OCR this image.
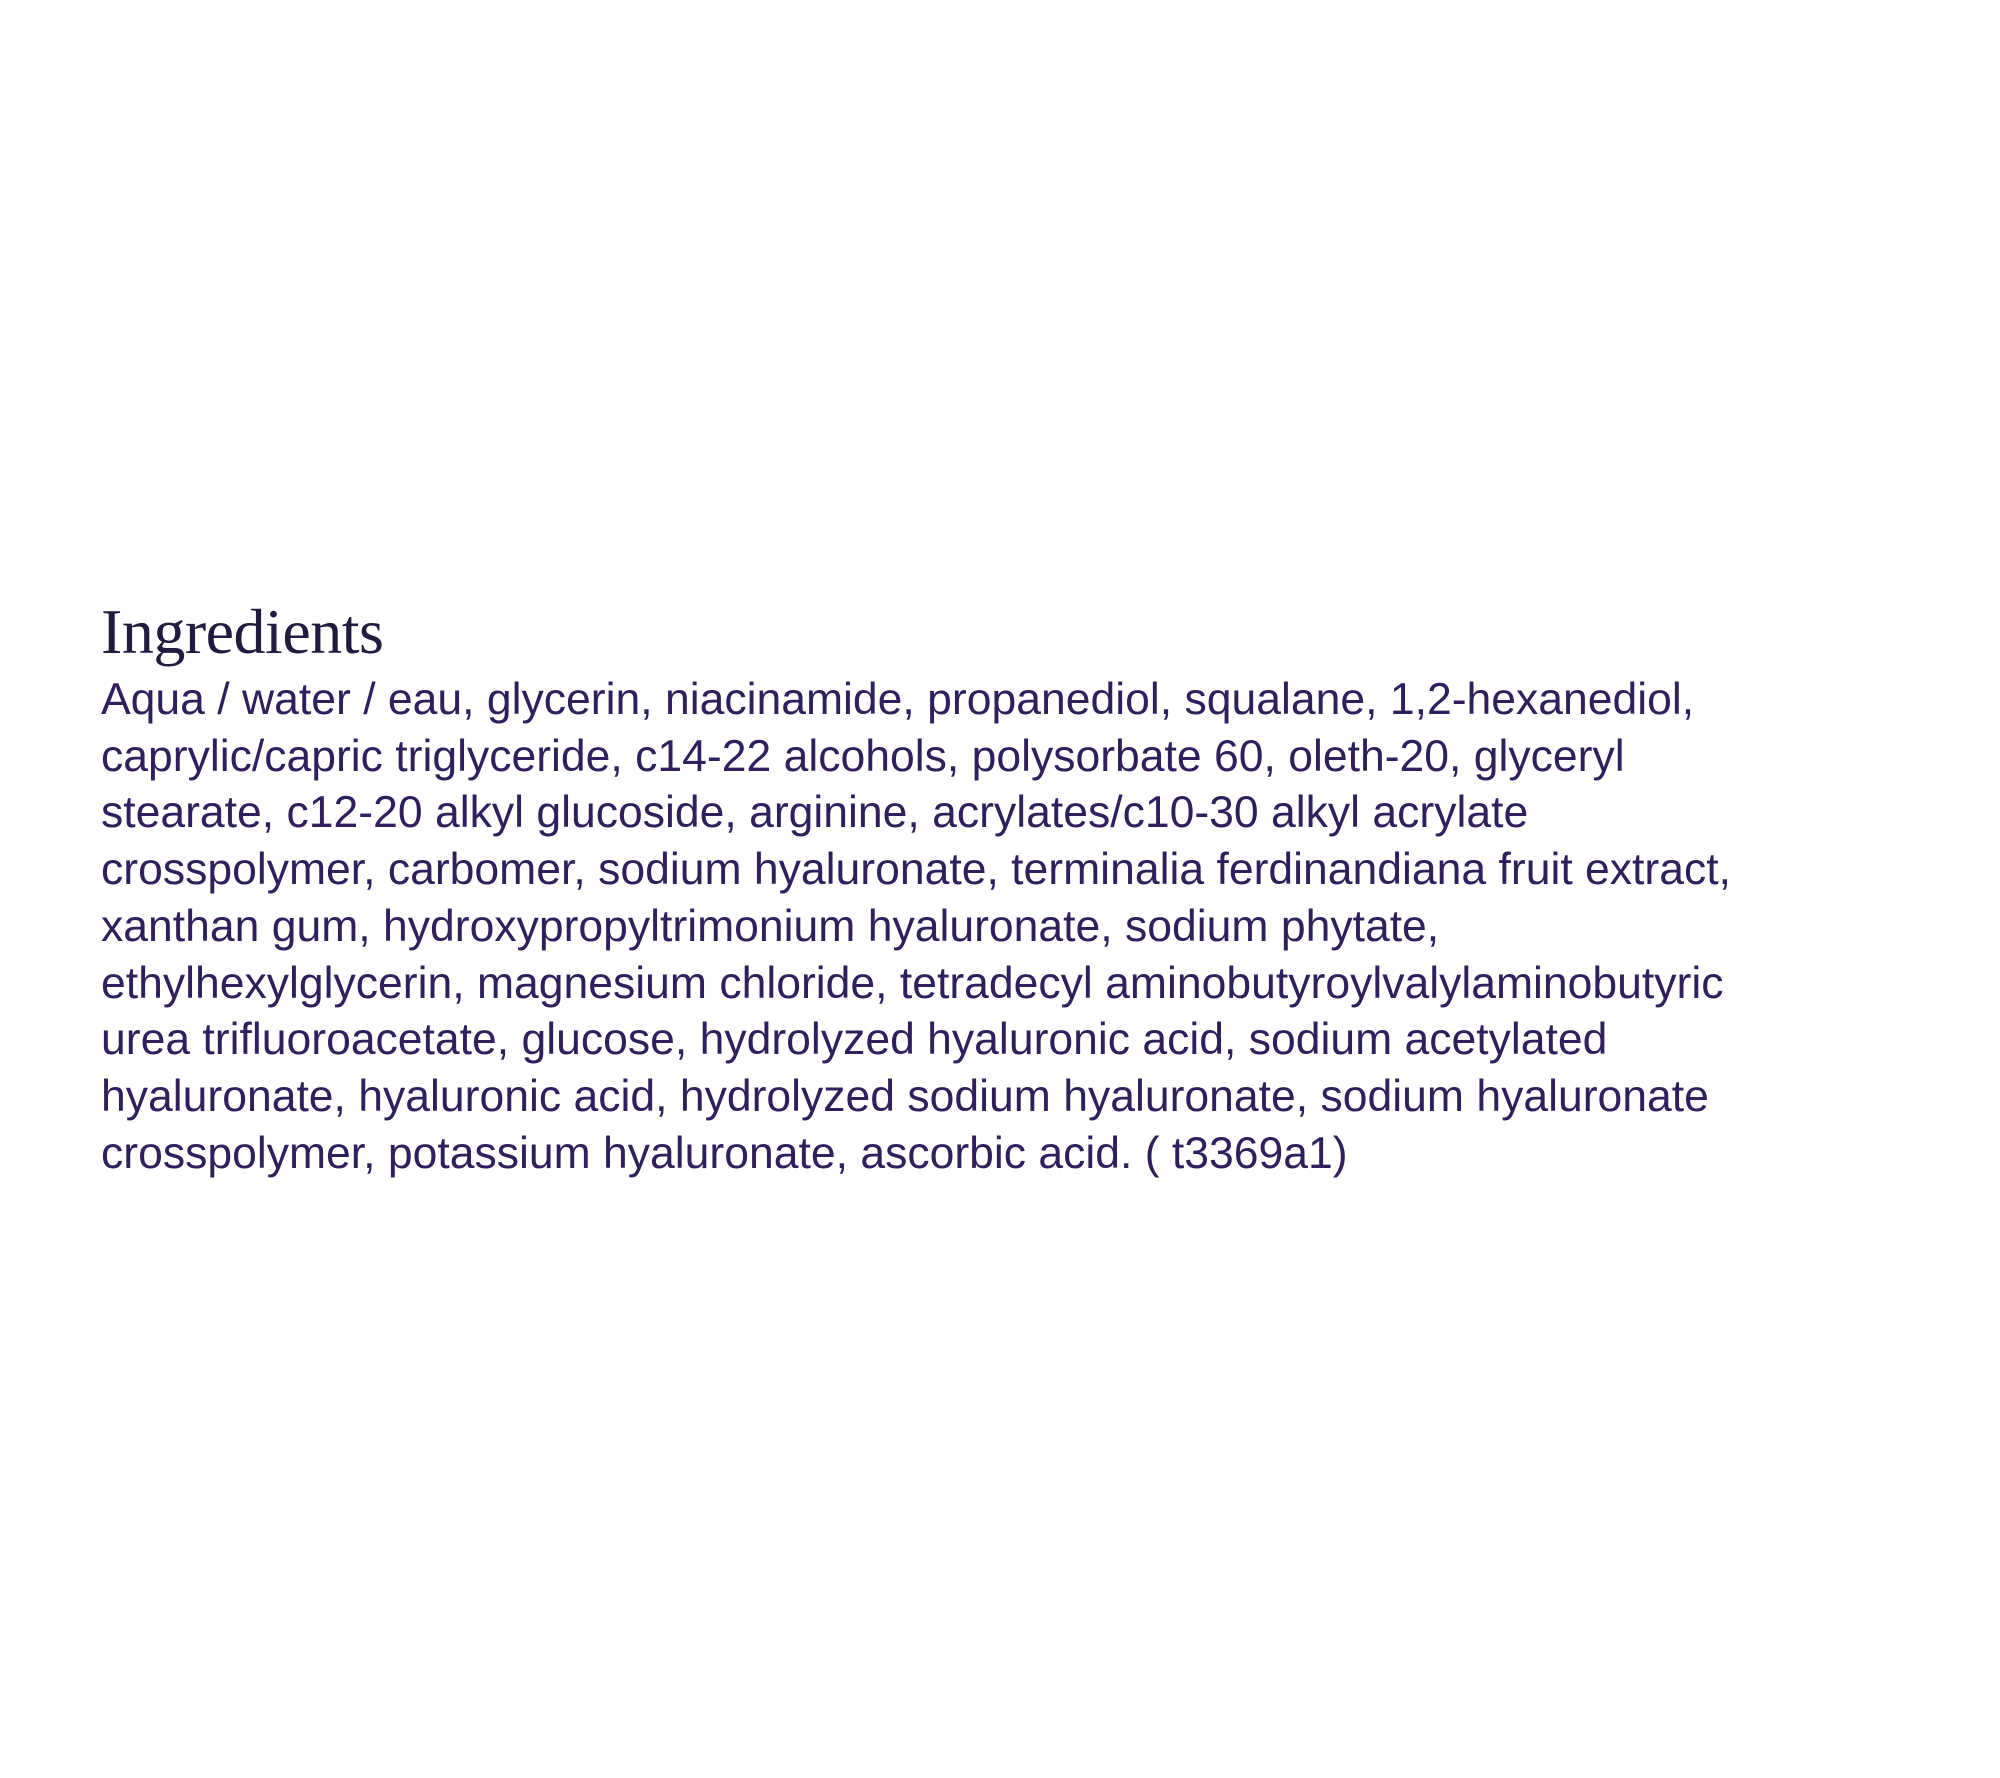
Ingredients

Aqua / water / eau, glycerin, niacinamide, propanediol, squalane, 1,2-hexanediol,
caprylic/capric triglyceride, c14-22 alcohols, polysorbate 60, oleth-20, glyceryl
stearate, c12-20 alkyl glucoside, arginine, acrylates/c10-30 alkyl acrylate
crosspolymer, carbomer, sodium hyaluronate, terminalia ferdinandiana fruit extract,
xanthan gum, hydroxypropyltrimonium hyaluronate, sodium phytate,
ethylhexylglycerin, magnesium chloride, tetradecyl aminobutyroylvalylaminobutyric
urea trifluoroacetate, glucose, hydrolyzed hyaluronic acid, sodium acetylated
hyaluronate, hyaluronic acid, hydrolyzed sodium hyaluronate, sodium hyaluronate
crosspolymer, potassium hyaluronate, ascorbic acid. ( t3369a1)
